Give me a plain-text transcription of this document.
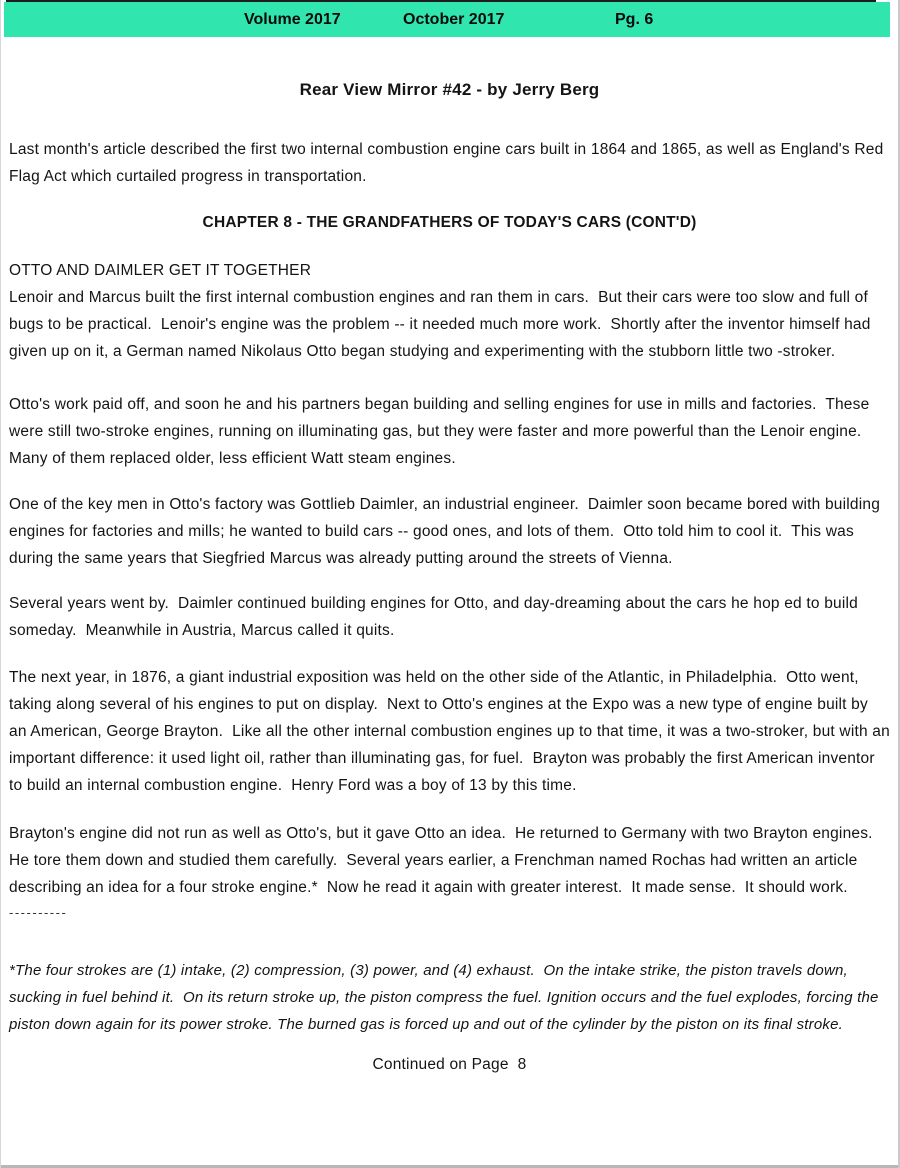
Volume 2017	October 2017	Pg. 6
Rear View Mirror #42 - by Jerry Berg
Last month's article described the first two internal combustion engine cars built in 1864 and 1865, as well as England's Red Flag Act which curtailed progress in transportation.
CHAPTER 8 - THE GRANDFATHERS OF TODAY'S CARS (CONT'D)
OTTO AND DAIMLER GET IT TOGETHER
Lenoir and Marcus built the first internal combustion engines and ran them in cars.  But their cars were too slow and full of bugs to be practical.  Lenoir's engine was the problem -- it needed much more work.  Shortly after the inventor himself had given up on it, a German named Nikolaus Otto began studying and experimenting with the stubborn little two -stroker.
Otto's work paid off, and soon he and his partners began building and selling engines for use in mills and factories.  These were still two-stroke engines, running on illuminating gas, but they were faster and more powerful than the Lenoir engine.  Many of them replaced older, less efficient Watt steam engines.
One of the key men in Otto's factory was Gottlieb Daimler, an industrial engineer.  Daimler soon became bored with building engines for factories and mills; he wanted to build cars -- good ones, and lots of them.  Otto told him to cool it.  This was during the same years that Siegfried Marcus was already putting around the streets of Vienna.
Several years went by.  Daimler continued building engines for Otto, and day-dreaming about the cars he hop ed to build someday.  Meanwhile in Austria, Marcus called it quits.
The next year, in 1876, a giant industrial exposition was held on the other side of the Atlantic, in Philadelphia.  Otto went, taking along several of his engines to put on display.  Next to Otto's engines at the Expo was a new type of engine built by an American, George Brayton.  Like all the other internal combustion engines up to that time, it was a two-stroker, but with an important difference: it used light oil, rather than illuminating gas, for fuel.  Brayton was probably the first American inventor to build an internal combustion engine.  Henry Ford was a boy of 13 by this time.
Brayton's engine did not run as well as Otto's, but it gave Otto an idea.  He returned to Germany with two Brayton engines.  He tore them down and studied them carefully.  Several years earlier, a Frenchman named Rochas had written an article describing an idea for a four stroke engine.*  Now he read it again with greater interest.  It made sense.  It should work.
----------
*The four strokes are (1) intake, (2) compression, (3) power, and (4) exhaust.  On the intake strike, the piston travels down, sucking in fuel behind it.  On its return stroke up, the piston compress the fuel. Ignition occurs and the fuel explodes, forcing the piston down again for its power stroke. The burned gas is forced up and out of the cylinder by the piston on its final stroke.
Continued on Page  8
